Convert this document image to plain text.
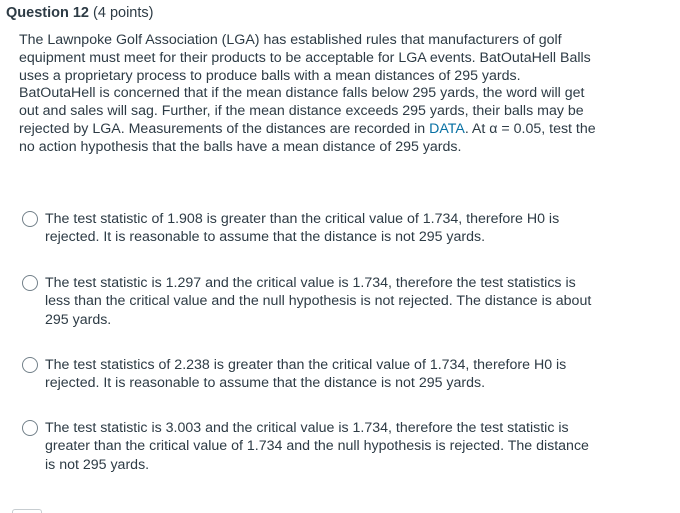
Question 12 (4 points)
The Lawnpoke Golf Association (LGA) has established rules that manufacturers of golf equipment must meet for their products to be acceptable for LGA events. BatOutaHell Balls uses a proprietary process to produce balls with a mean distances of 295 yards. BatOutaHell is concerned that if the mean distance falls below 295 yards, the word will get out and sales will sag. Further, if the mean distance exceeds 295 yards, their balls may be rejected by LGA. Measurements of the distances are recorded in DATA. At α = 0.05, test the no action hypothesis that the balls have a mean distance of 295 yards.
The test statistic of 1.908 is greater than the critical value of 1.734, therefore H0 is rejected. It is reasonable to assume that the distance is not 295 yards.
The test statistic is 1.297 and the critical value is 1.734, therefore the test statistics is less than the critical value and the null hypothesis is not rejected. The distance is about 295 yards.
The test statistics of 2.238 is greater than the critical value of 1.734, therefore H0 is rejected. It is reasonable to assume that the distance is not 295 yards.
The test statistic is 3.003 and the critical value is 1.734, therefore the test statistic is greater than the critical value of 1.734 and the null hypothesis is rejected. The distance is not 295 yards.
